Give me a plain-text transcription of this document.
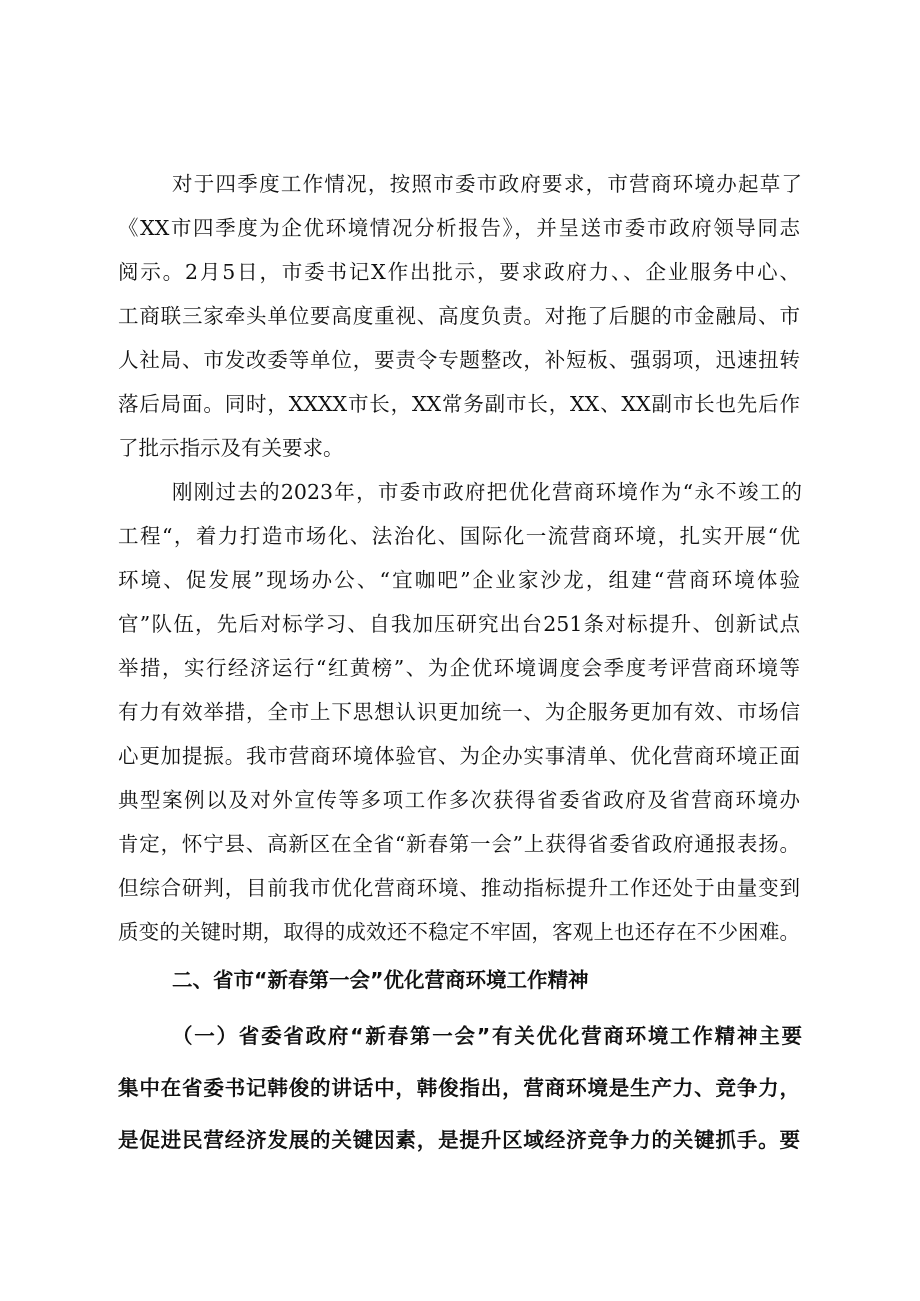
对于四季度工作情况，按照市委市政府要求，市营商环境办起草了
《XX市四季度为企优环境情况分析报告》，并呈送市委市政府领导同志
阅示。2月5日，市委书记X作出批示，要求政府力、、企业服务中心、
工商联三家牵头单位要高度重视、高度负责。对拖了后腿的市金融局、市
人社局、市发改委等单位，要责令专题整改，补短板、强弱项，迅速扭转
落后局面。同时，XXXX市长，XX常务副市长，XX、XX副市长也先后作
了批示指示及有关要求。
刚刚过去的2023年，市委市政府把优化营商环境作为“永不竣工的
工程“，着力打造市场化、法治化、国际化一流营商环境，扎实开展“优
环境、促发展”现场办公、“宜咖吧”企业家沙龙，组建“营商环境体验
官”队伍，先后对标学习、自我加压研究出台251条对标提升、创新试点
举措，实行经济运行“红黄榜”、为企优环境调度会季度考评营商环境等
有力有效举措，全市上下思想认识更加统一、为企服务更加有效、市场信
心更加提振。我市营商环境体验官、为企办实事清单、优化营商环境正面
典型案例以及对外宣传等多项工作多次获得省委省政府及省营商环境办
肯定，怀宁县、高新区在全省“新春第一会”上获得省委省政府通报表扬。
但综合研判，目前我市优化营商环境、推动指标提升工作还处于由量变到
质变的关键时期，取得的成效还不稳定不牢固，客观上也还存在不少困难。
二、省市“新春第一会”优化营商环境工作精神
（一）省委省政府“新春第一会”有关优化营商环境工作精神主要
集中在省委书记韩俊的讲话中，韩俊指出，营商环境是生产力、竞争力，
是促进民营经济发展的关键因素，是提升区域经济竞争力的关键抓手。要
